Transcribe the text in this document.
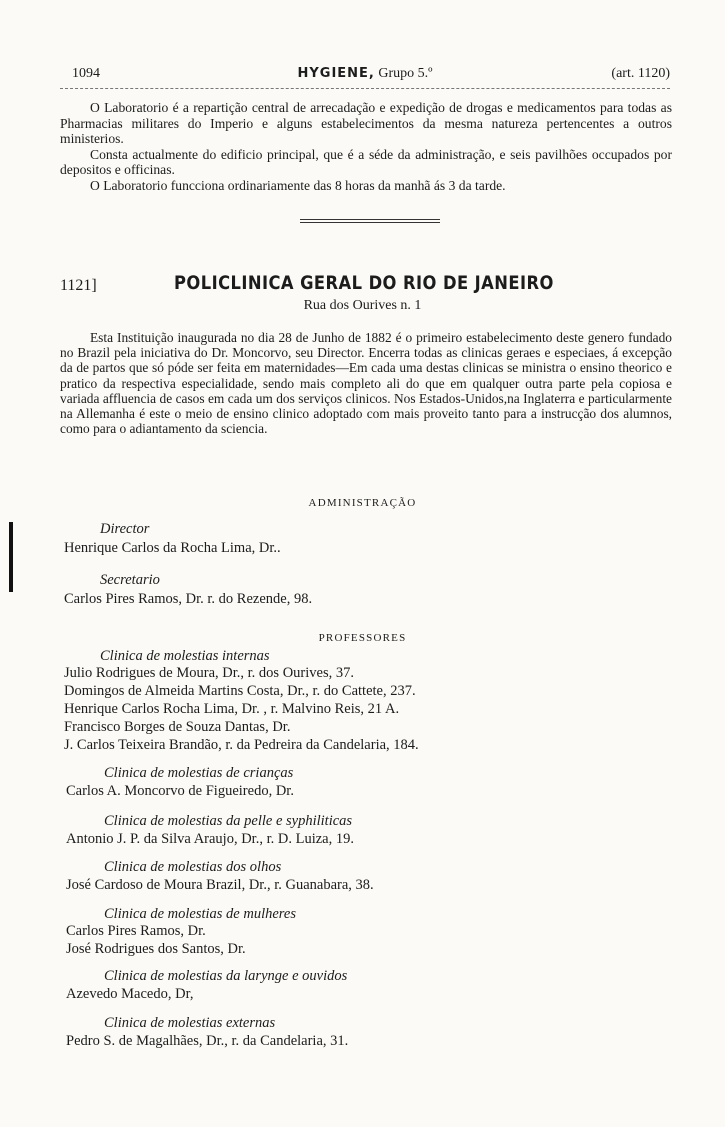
1094	HYGIENE, Grupo 5.º	(art. 1120)

O Laboratorio é a repartição central de arrecadação e expedição de drogas e medicamentos para todas as Pharmacias militares do Imperio e alguns estabelecimentos da mesma natureza pertencentes a outros ministerios.

Consta actualmente do edificio principal, que é a séde da administração, e seis pavilhões occupados por depositos e officinas.

O Laboratorio funcciona ordinariamente das 8 horas da manhã ás 3 da tarde.

1121]	POLICLINICA GERAL DO RIO DE JANEIRO
Rua dos Ourives n. 1

Esta Instituição inaugurada no dia 28 de Junho de 1882 é o primeiro estabelecimento deste genero fundado no Brazil pela iniciativa do Dr. Moncorvo, seu Director. Encerra todas as clinicas geraes e especiaes, á excepção da de partos que só póde ser feita em maternidades—Em cada uma destas clinicas se ministra o ensino theorico e pratico da respectiva especialidade, sendo mais completo ali do que em qualquer outra parte pela copiosa e variada affluencia de casos em cada um dos serviços clinicos. Nos Estados-Unidos,na Inglaterra e particularmente na Allemanha é este o meio de ensino clinico adoptado com mais proveito tanto para a instrucção dos alumnos, como para o adiantamento da sciencia.

ADMINISTRAÇÃO
Director
Henrique Carlos da Rocha Lima, Dr..
Secretario
Carlos Pires Ramos, Dr. r. do Rezende, 98.
PROFESSORES
Clinica de molestias internas
Julio Rodrigues de Moura, Dr., r. dos Ourives, 37.
Domingos de Almeida Martins Costa, Dr., r. do Cattete, 237.
Henrique Carlos Rocha Lima, Dr. , r. Malvino Reis, 21 A.
Francisco Borges de Souza Dantas, Dr.
J. Carlos Teixeira Brandão, r. da Pedreira da Candelaria, 184.
Clinica de molestias de crianças
Carlos A. Moncorvo de Figueiredo, Dr.
Clinica de molestias da pelle e syphiliticas
Antonio J. P. da Silva Araujo, Dr., r. D. Luiza, 19.
Clinica de molestias dos olhos
José Cardoso de Moura Brazil, Dr., r. Guanabara, 38.
Clinica de molestias de mulheres
Carlos Pires Ramos, Dr.
José Rodrigues dos Santos, Dr.
Clinica de molestias da larynge e ouvidos
Azevedo Macedo, Dr,
Clinica de molestias externas
Pedro S. de Magalhães, Dr., r. da Candelaria, 31.
